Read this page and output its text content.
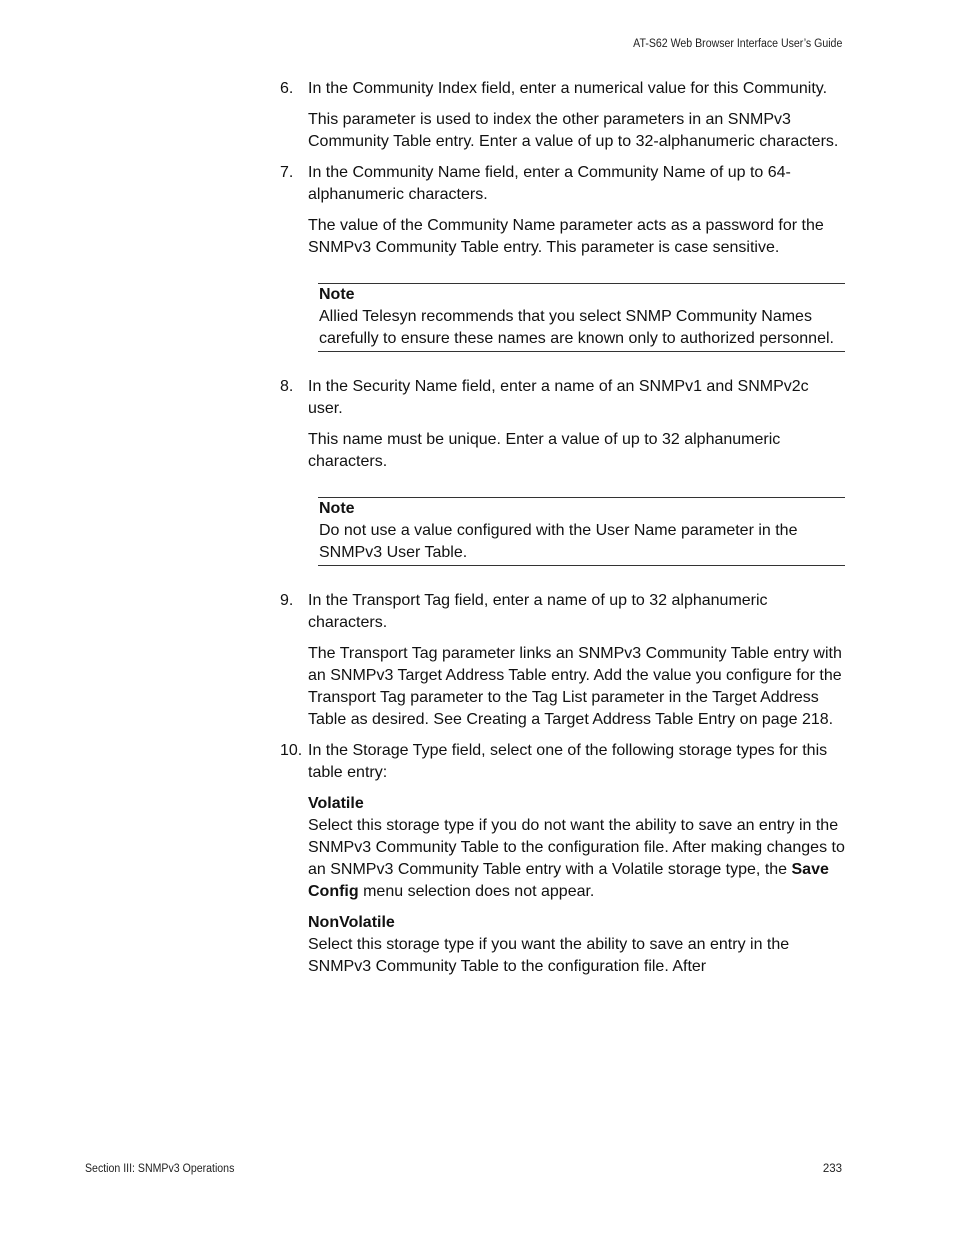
AT-S62 Web Browser Interface User’s Guide
6. In the Community Index field, enter a numerical value for this Community.
This parameter is used to index the other parameters in an SNMPv3 Community Table entry. Enter a value of up to 32-alphanumeric characters.
7. In the Community Name field, enter a Community Name of up to 64-alphanumeric characters.
The value of the Community Name parameter acts as a password for the SNMPv3 Community Table entry. This parameter is case sensitive.
Note
Allied Telesyn recommends that you select SNMP Community Names carefully to ensure these names are known only to authorized personnel.
8. In the Security Name field, enter a name of an SNMPv1 and SNMPv2c user.
This name must be unique. Enter a value of up to 32 alphanumeric characters.
Note
Do not use a value configured with the User Name parameter in the SNMPv3 User Table.
9. In the Transport Tag field, enter a name of up to 32 alphanumeric characters.
The Transport Tag parameter links an SNMPv3 Community Table entry with an SNMPv3 Target Address Table entry. Add the value you configure for the Transport Tag parameter to the Tag List parameter in the Target Address Table as desired. See Creating a Target Address Table Entry on page 218.
10. In the Storage Type field, select one of the following storage types for this table entry:
Volatile
Select this storage type if you do not want the ability to save an entry in the SNMPv3 Community Table to the configuration file. After making changes to an SNMPv3 Community Table entry with a Volatile storage type, the Save Config menu selection does not appear.
NonVolatile
Select this storage type if you want the ability to save an entry in the SNMPv3 Community Table to the configuration file. After
Section III: SNMPv3 Operations	233
